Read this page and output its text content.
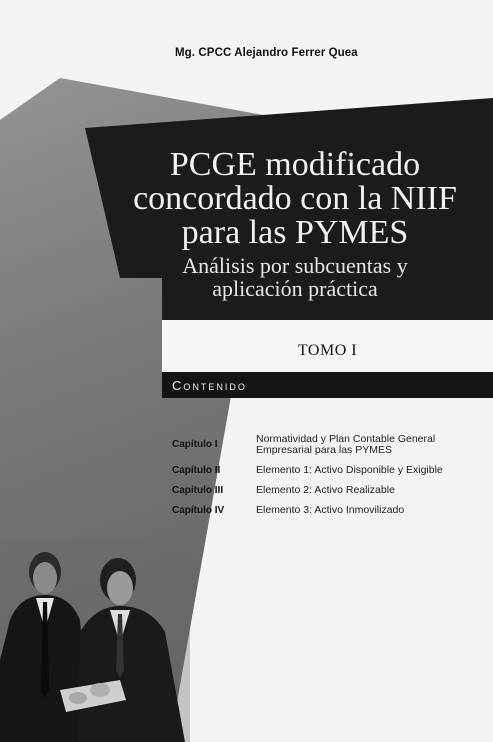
Mg. CPCC Alejandro Ferrer Quea
PCGE modificado
concordado con la NIIF
para las PYMES
Análisis por subcuentas y
aplicación práctica
TOMO I
Contenido
Capítulo I	Normatividad y Plan Contable General
Empresarial para las PYMES
Capítulo II	Elemento 1: Activo Disponible y Exigible
Capítulo III	Elemento 2: Activo Realizable
Capítulo IV	Elemento 3: Activo Inmovilizado
